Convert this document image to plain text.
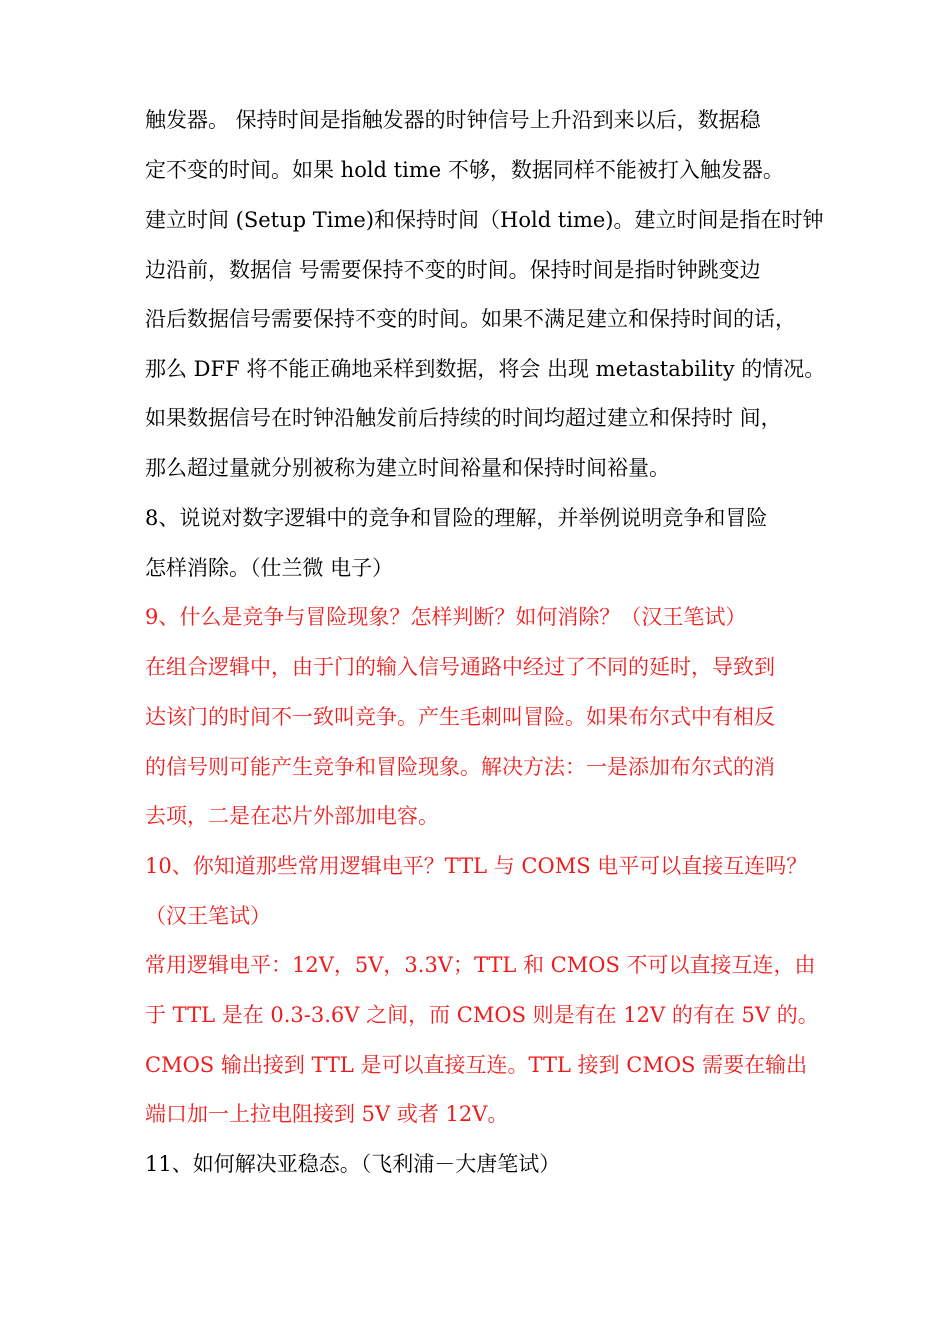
触发器。 保持时间是指触发器的时钟信号上升沿到来以后，数据稳
定不变的时间。如果 hold time 不够，数据同样不能被打入触发器。
建立时间 (Setup Time)和保持时间（Hold time)。建立时间是指在时钟
边沿前，数据信 号需要保持不变的时间。保持时间是指时钟跳变边
沿后数据信号需要保持不变的时间。如果不满足建立和保持时间的话，
那么 DFF 将不能正确地采样到数据，将会 出现 metastability 的情况。
如果数据信号在时钟沿触发前后持续的时间均超过建立和保持时 间，
那么超过量就分别被称为建立时间裕量和保持时间裕量。
8、说说对数字逻辑中的竞争和冒险的理解，并举例说明竞争和冒险
怎样消除。（仕兰微 电子）
9、什么是竞争与冒险现象？怎样判断？如何消除？（汉王笔试）
在组合逻辑中，由于门的输入信号通路中经过了不同的延时，导致到
达该门的时间不一致叫竞争。产生毛刺叫冒险。如果布尔式中有相反
的信号则可能产生竞争和冒险现象。解决方法：一是添加布尔式的消
去项，二是在芯片外部加电容。
10、你知道那些常用逻辑电平？TTL 与 COMS 电平可以直接互连吗？
（汉王笔试）
常用逻辑电平：12V，5V，3.3V；TTL 和 CMOS 不可以直接互连，由
于 TTL 是在 0.3-3.6V 之间，而 CMOS 则是有在 12V 的有在 5V 的。
CMOS 输出接到 TTL 是可以直接互连。TTL 接到 CMOS 需要在输出
端口加一上拉电阻接到 5V 或者 12V。
11、如何解决亚稳态。（飞利浦－大唐笔试）
